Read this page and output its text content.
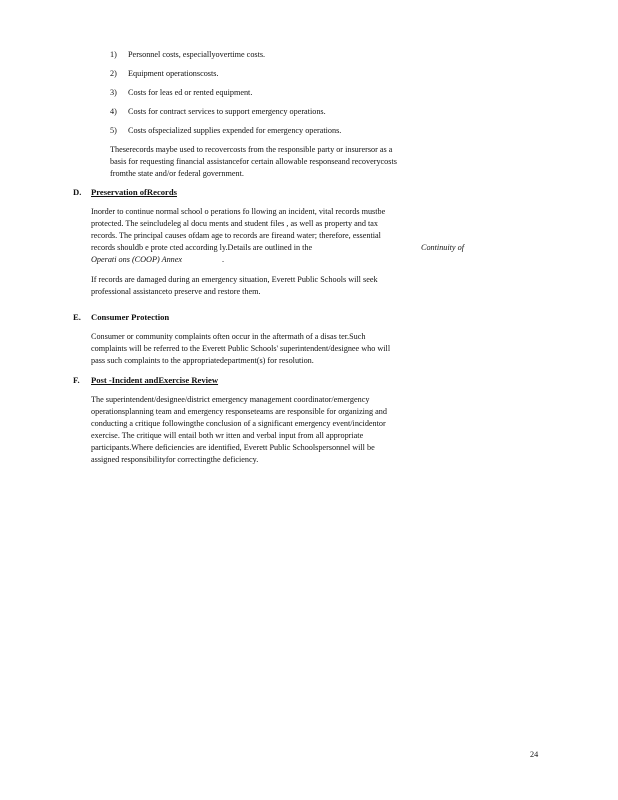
1) Personnel costs, especiallyovertime costs.
2) Equipment operationscosts.
3) Costs for leas ed or rented equipment.
4) Costs for contract services to support emergency operations.
5) Costs ofspecialized supplies expended for emergency operations.
Theserecords maybe used to recovercosts from the responsible party or insurersor as a
basis for requesting financial assistancefor certain allowable responseand recoverycosts
fromthe state and/or federal government.
D. Preservation ofRecords
Inorder to continue normal school o perations fo llowing an incident, vital records mustbe
protected. The seincludeleg al docu ments and student files , as well as property and tax
records. The principal causes ofdam age to records are fireand water; therefore, essential
records shouldb e prote cted according ly.Details are outlined in the	Continuity of
Operati ons (COOP) Annex	.
If records are damaged during an emergency situation, Everett Public Schools will seek
professional assistanceto preserve and restore them.
E. Consumer Protection
Consumer or community complaints often occur in the aftermath of a disas ter.Such
complaints will be referred to the Everett Public Schools' superintendent/designee who will
pass such complaints to the appropriatedepartment(s) for resolution.
F. Post -Incident andExercise Review
The superintendent/designee/district emergency management coordinator/emergency
operationsplanning team and emergency responseteams are responsible for organizing and
conducting a critique followingthe conclusion of a significant emergency event/incidentor
exercise. The critique will entail both wr itten and verbal input from all appropriate
participants.Where deficiencies are identified, Everett Public Schoolspersonnel will be
assigned responsibilityfor correctingthe deficiency.
24
